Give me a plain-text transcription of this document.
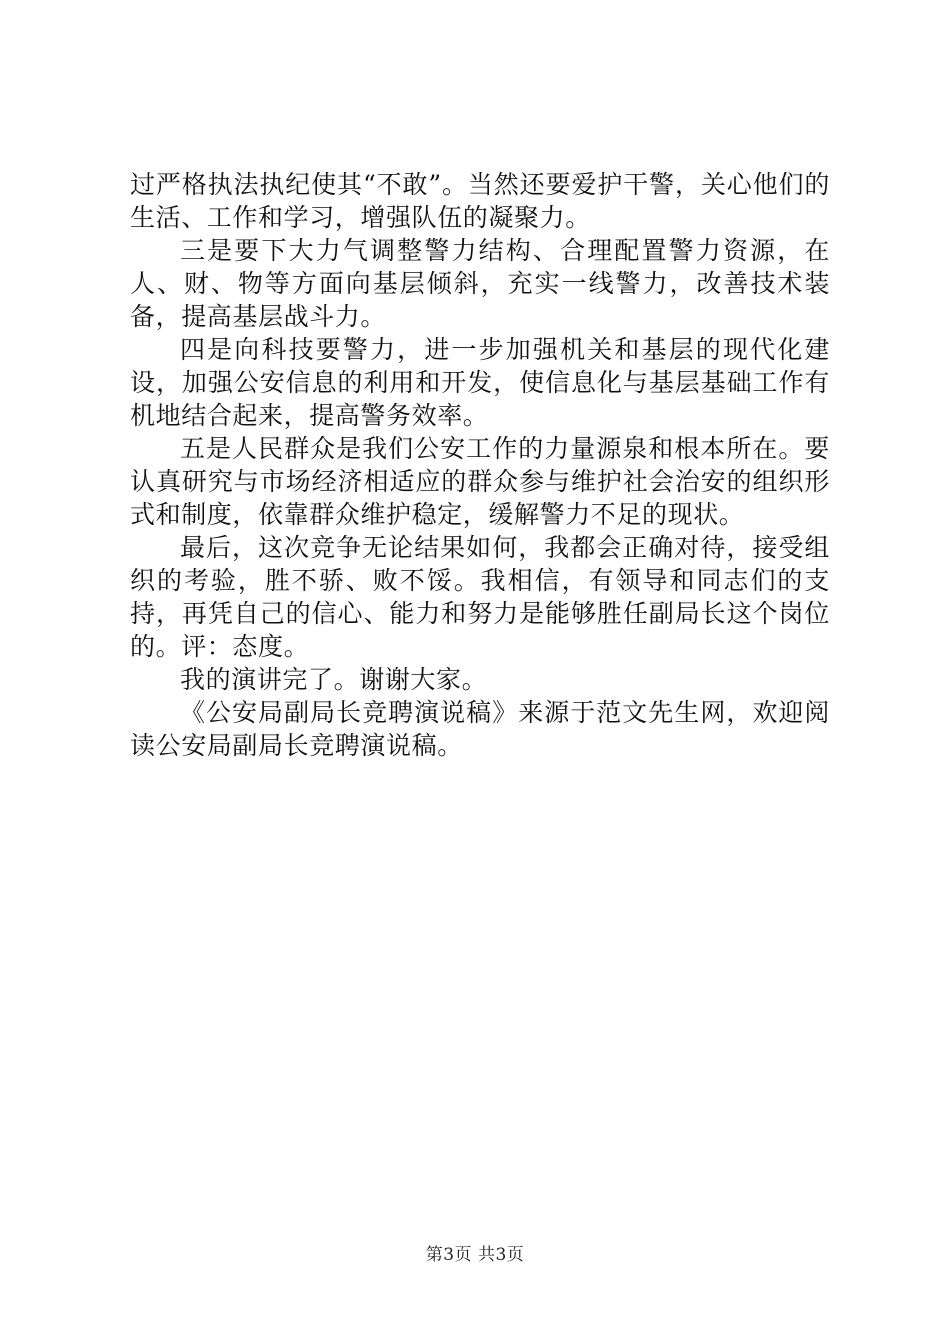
过严格执法执纪使其“不敢”。当然还要爱护干警，关心他们的生活、工作和学习，增强队伍的凝聚力。

三是要下大力气调整警力结构、合理配置警力资源，在人、财、物等方面向基层倾斜，充实一线警力，改善技术装备，提高基层战斗力。

四是向科技要警力，进一步加强机关和基层的现代化建设，加强公安信息的利用和开发，使信息化与基层基础工作有机地结合起来，提高警务效率。

五是人民群众是我们公安工作的力量源泉和根本所在。要认真研究与市场经济相适应的群众参与维护社会治安的组织形式和制度，依靠群众维护稳定，缓解警力不足的现状。

最后，这次竞争无论结果如何，我都会正确对待，接受组织的考验，胜不骄、败不馁。我相信，有领导和同志们的支持，再凭自己的信心、能力和努力是能够胜任副局长这个岗位的。评：态度。

我的演讲完了。谢谢大家。

《公安局副局长竞聘演说稿》来源于范文先生网，欢迎阅读公安局副局长竞聘演说稿。

第3页 共3页
